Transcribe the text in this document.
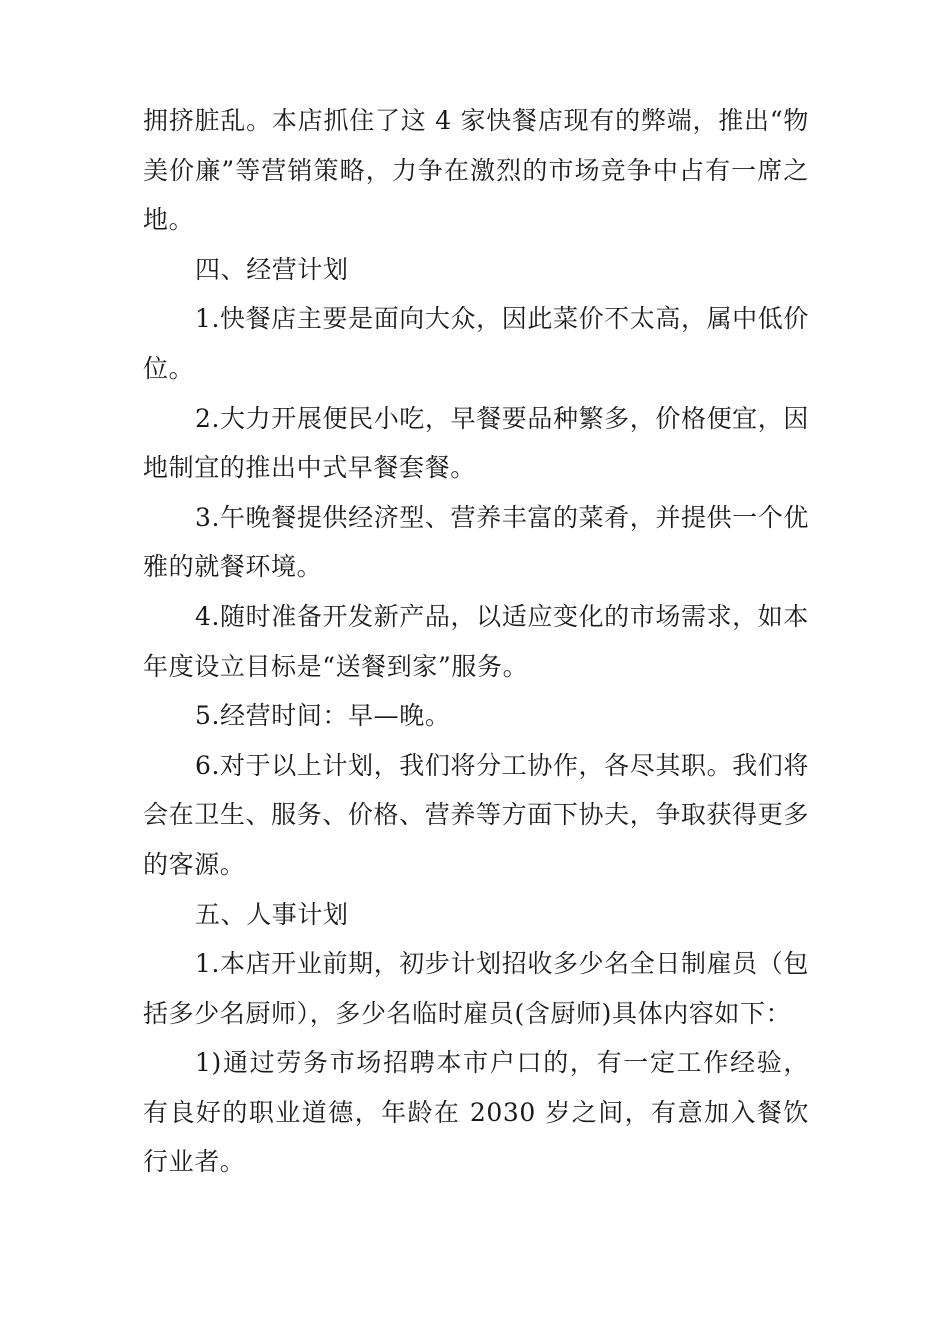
拥挤脏乱。本店抓住了这 4 家快餐店现有的弊端，推出“物美价廉”等营销策略，力争在激烈的市场竞争中占有一席之地。

四、经营计划

1.快餐店主要是面向大众，因此菜价不太高，属中低价位。

2.大力开展便民小吃，早餐要品种繁多，价格便宜，因地制宜的推出中式早餐套餐。

3.午晚餐提供经济型、营养丰富的菜肴，并提供一个优雅的就餐环境。

4.随时准备开发新产品，以适应变化的市场需求，如本年度设立目标是“送餐到家”服务。

5.经营时间：早—晚。

6.对于以上计划，我们将分工协作，各尽其职。我们将会在卫生、服务、价格、营养等方面下协夫，争取获得更多的客源。

五、人事计划

1.本店开业前期，初步计划招收多少名全日制雇员（包括多少名厨师），多少名临时雇员(含厨师)具体内容如下：

1)通过劳务市场招聘本市户口的，有一定工作经验，有良好的职业道德，年龄在 2030 岁之间，有意加入餐饮行业者。
